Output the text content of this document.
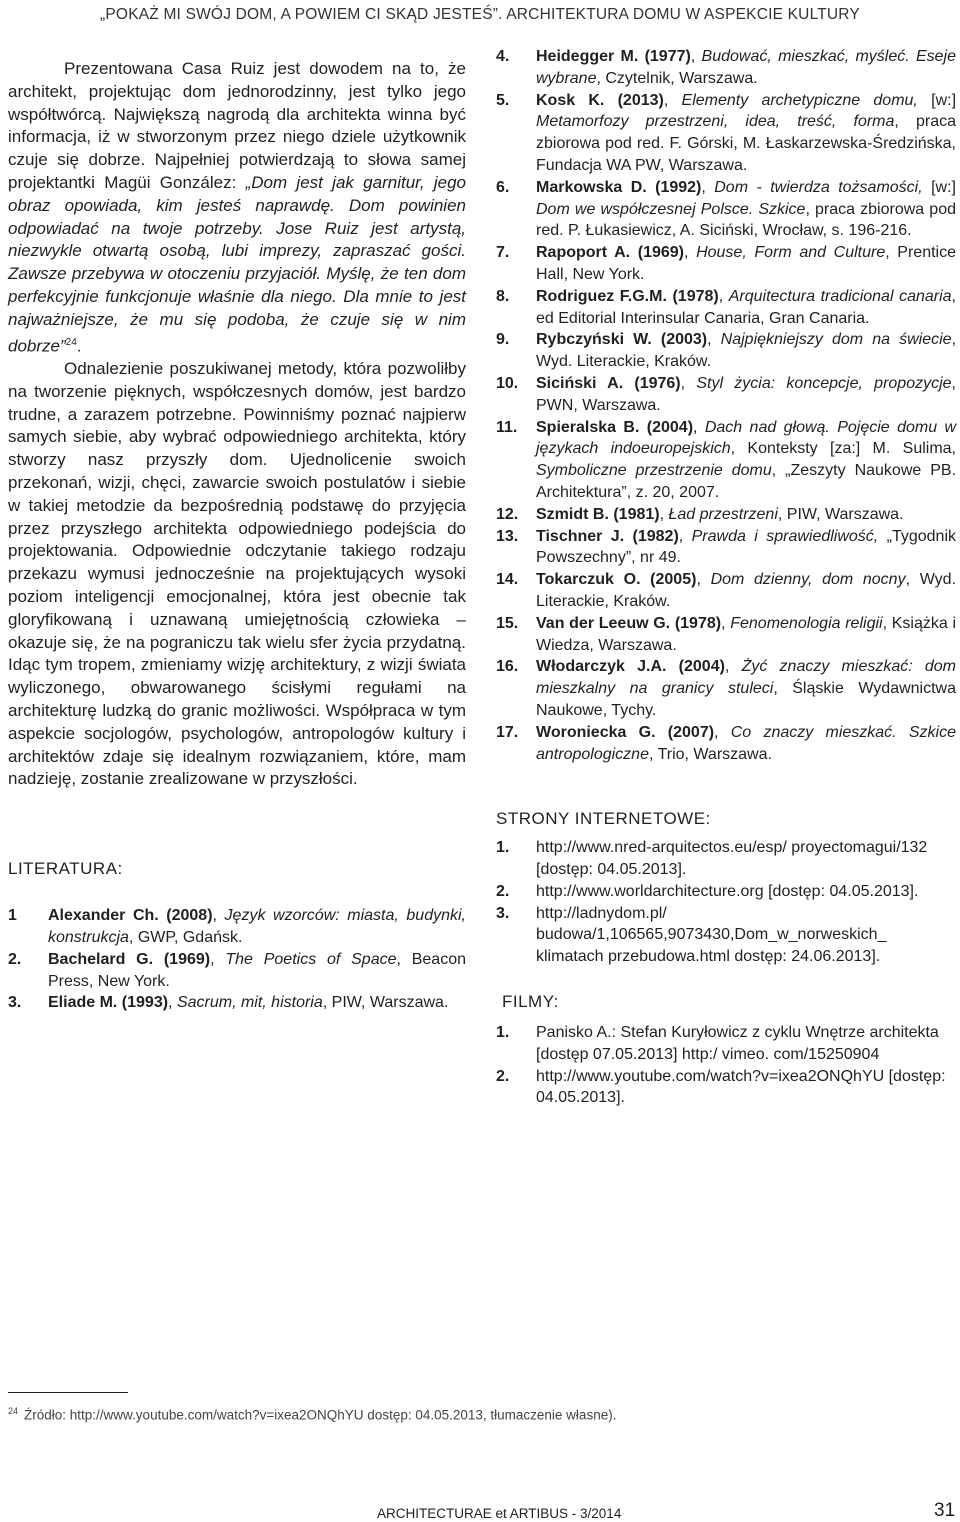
„POKAŻ MI SWÓJ DOM, A POWIEM CI SKĄD JESTEŚ”. ARCHITEKTURA DOMU W ASPEKCIE KULTURY

Prezentowana Casa Ruiz jest dowodem na to, że architekt, projektując dom jednorodzinny, jest tylko jego współtwórcą. Największą nagrodą dla architekta winna być informacja, iż w stworzonym przez niego dziele użytkownik czuje się dobrze. Najpełniej potwierdzają to słowa samej projektantki Magüi González: „Dom jest jak garnitur, jego obraz opowiada, kim jesteś naprawdę. Dom powinien odpowiadać na twoje potrzeby. Jose Ruiz jest artystą, niezwykle otwartą osobą, lubi imprezy, zapraszać gości. Zawsze przebywa w otoczeniu przyjaciół. Myślę, że ten dom perfekcyjnie funkcjonuje właśnie dla niego. Dla mnie to jest najważniejsze, że mu się podoba, że czuje się w nim dobrze”$^{24}$.

Odnalezienie poszukiwanej metody, która pozwoliłby na tworzenie pięknych, współczesnych domów, jest bardzo trudne, a zarazem potrzebne. Powinniśmy poznać najpierw samych siebie, aby wybrać odpowiedniego architekta, który stworzy nasz przyszły dom. Ujednolicenie swoich przekonań, wizji, chęci, zawarcie swoich postulatów i siebie w takiej metodzie da bezpośrednią podstawę do przyjęcia przez przyszłego architekta odpowiedniego podejścia do projektowania. Odpowiednie odczytanie takiego rodzaju przekazu wymusi jednocześnie na projektujących wysoki poziom inteligencji emocjonalnej, która jest obecnie tak gloryfikowaną i uznawaną umiejętnością człowieka – okazuje się, że na pograniczu tak wielu sfer życia przydatną. Idąc tym tropem, zmieniamy wizję architektury, z wizji świata wyliczonego, obwarowanego ścisłymi regułami na architekturę ludzką do granic możliwości. Współpraca w tym aspekcie socjologów, psychologów, antropologów kultury i architektów zdaje się idealnym rozwiązaniem, które, mam nadzieję, zostanie zrealizowane w przyszłości.

LITERATURA:
1 Alexander Ch. (2008), Język wzorców: miasta, budynki, konstrukcja, GWP, Gdańsk.
2. Bachelard G. (1969), The Poetics of Space, Beacon Press, New York.
3. Eliade M. (1993), Sacrum, mit, historia, PIW, Warszawa.
4. Heidegger M. (1977), Budować, mieszkać, myśleć. Eseje wybrane, Czytelnik, Warszawa.
5. Kosk K. (2013), Elementy archetypiczne domu, [w:] Metamorfozy przestrzeni, idea, treść, forma, praca zbiorowa pod red. F. Górski, M. Łaskarzewska-Średzińska, Fundacja WA PW, Warszawa.
6. Markowska D. (1992), Dom - twierdza tożsamości, [w:] Dom we współczesnej Polsce. Szkice, praca zbiorowa pod red. P. Łukasiewicz, A. Siciński, Wrocław, s. 196-216.
7. Rapoport A. (1969), House, Form and Culture, Prentice Hall, New York.
8. Rodriguez F.G.M. (1978), Arquitectura tradicional canaria, ed Editorial Interinsular Canaria, Gran Canaria.
9. Rybczyński W. (2003), Najpiękniejszy dom na świecie, Wyd. Literackie, Kraków.
10. Siciński A. (1976), Styl życia: koncepcje, propozycje, PWN, Warszawa.
11. Spieralska B. (2004), Dach nad głową. Pojęcie domu w językach indoeuropejskich, Konteksty [za:] M. Sulima, Symboliczne przestrzenie domu, „Zeszyty Naukowe PB. Architektura”, z. 20, 2007.
12. Szmidt B. (1981), Ład przestrzeni, PIW, Warszawa.
13. Tischner J. (1982), Prawda i sprawiedliwość, „Tygodnik Powszechny”, nr 49.
14. Tokarczuk O. (2005), Dom dzienny, dom nocny, Wyd. Literackie, Kraków.
15. Van der Leeuw G. (1978), Fenomenologia religii, Książka i Wiedza, Warszawa.
16. Włodarczyk J.A. (2004), Żyć znaczy mieszkać: dom mieszkalny na granicy stuleci, Śląskie Wydawnictwa Naukowe, Tychy.
17. Woroniecka G. (2007), Co znaczy mieszkać. Szkice antropologiczne, Trio, Warszawa.
STRONY INTERNETOWE:
1. http://www.nred-arquitectos.eu/esp/ proyectomagui/132 [dostęp: 04.05.2013].
2. http://www.worldarchitecture.org [dostęp: 04.05.2013].
3. http://ladnydom.pl/ budowa/1,106565,9073430,Dom_w_norweskich_ klimatach przebudowa.html dostęp: 24.06.2013].
FILMY:
1. Panisko A.: Stefan Kuryłowicz z cyklu Wnętrze architekta [dostęp 07.05.2013] http:/ vimeo. com/15250904
2. http://www.youtube.com/watch?v=ixea2ONQhYU [dostęp: 04.05.2013].
$^{24}$ Źródło: http://www.youtube.com/watch?v=ixea2ONQhYU dostęp: 04.05.2013, tłumaczenie własne).
ARCHITECTURAE et ARTIBUS - 3/2014	31
